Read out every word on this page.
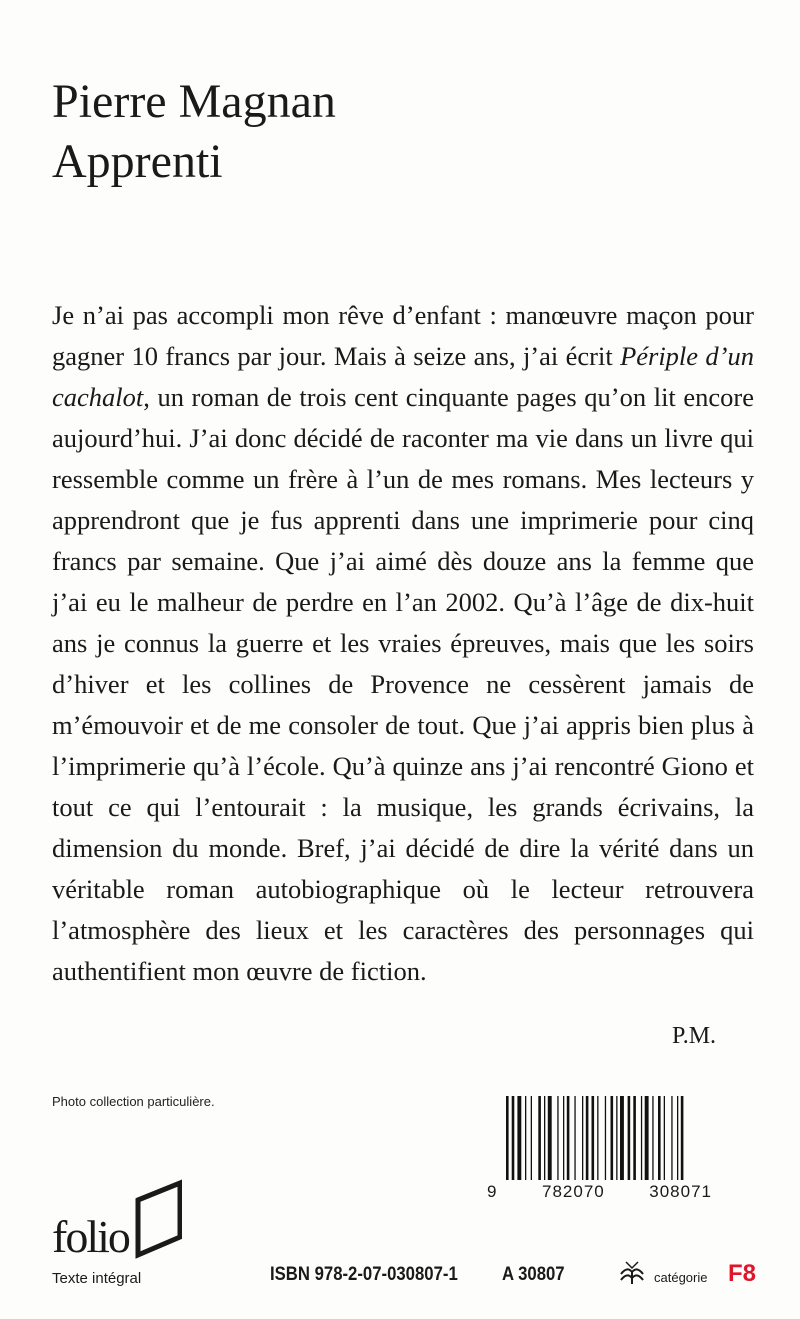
Pierre Magnan
Apprenti

Je n’ai pas accompli mon rêve d’enfant : manœuvre maçon pour gagner 10 francs par jour. Mais à seize ans, j’ai écrit Périple d’un cachalot, un roman de trois cent cinquante pages qu’on lit encore aujourd’hui. J’ai donc décidé de raconter ma vie dans un livre qui ressemble comme un frère à l’un de mes romans. Mes lecteurs y apprendront que je fus apprenti dans une imprimerie pour cinq francs par semaine. Que j’ai aimé dès douze ans la femme que j’ai eu le malheur de perdre en l’an 2002. Qu’à l’âge de dix-huit ans je connus la guerre et les vraies épreuves, mais que les soirs d’hiver et les collines de Provence ne cessèrent jamais de m’émouvoir et de me consoler de tout. Que j’ai appris bien plus à l’imprimerie qu’à l’école. Qu’à quinze ans j’ai rencontré Giono et tout ce qui l’entourait : la musique, les grands écrivains, la dimension du monde. Bref, j’ai décidé de dire la vérité dans un véritable roman autobiographique où le lecteur retrouvera l’atmosphère des lieux et les caractères des personnages qui authentifient mon œuvre de fiction.

P.M.
Photo collection particulière.
9	782070	308071
folio
Texte intégral	ISBN 978-2-07-030807-1 A 30807	catégorie F8
